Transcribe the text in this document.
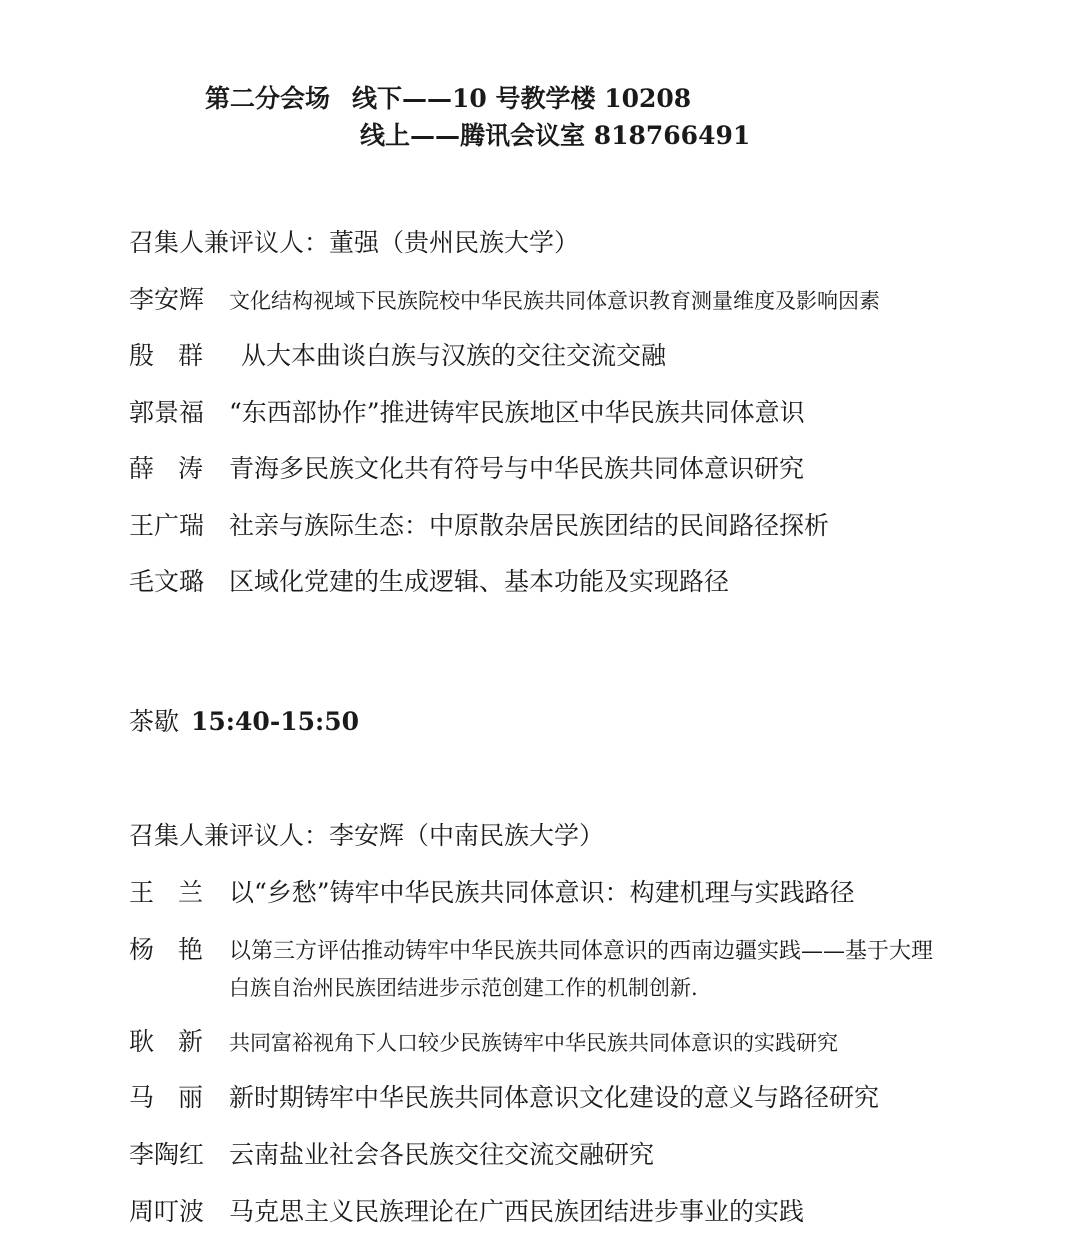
第二分会场 线下——10 号教学楼 10208
线上——腾讯会议室 818766491
召集人兼评议人：董强（贵州民族大学）
李安辉 文化结构视域下民族院校中华民族共同体意识教育测量维度及影响因素
殷群 从大本曲谈白族与汉族的交往交流交融
郭景福 “东西部协作”推进铸牢民族地区中华民族共同体意识
薛涛青海多民族文化共有符号与中华民族共同体意识研究
王广瑞 社亲与族际生态：中原散杂居民族团结的民间路径探析
毛文璐 区域化党建的生成逻辑、基本功能及实现路径
茶歇 15:40-15:50
召集人兼评议人：李安辉（中南民族大学）
王兰以“乡愁”铸牢中华民族共同体意识：构建机理与实践路径
杨艳以第三方评估推动铸牢中华民族共同体意识的西南边疆实践——基于大理
白族自治州民族团结进步示范创建工作的机制创新.
耿新共同富裕视角下人口较少民族铸牢中华民族共同体意识的实践研究
马丽新时期铸牢中华民族共同体意识文化建设的意义与路径研究
李陶红 云南盐业社会各民族交往交流交融研究
周叮波 马克思主义民族理论在广西民族团结进步事业的实践
